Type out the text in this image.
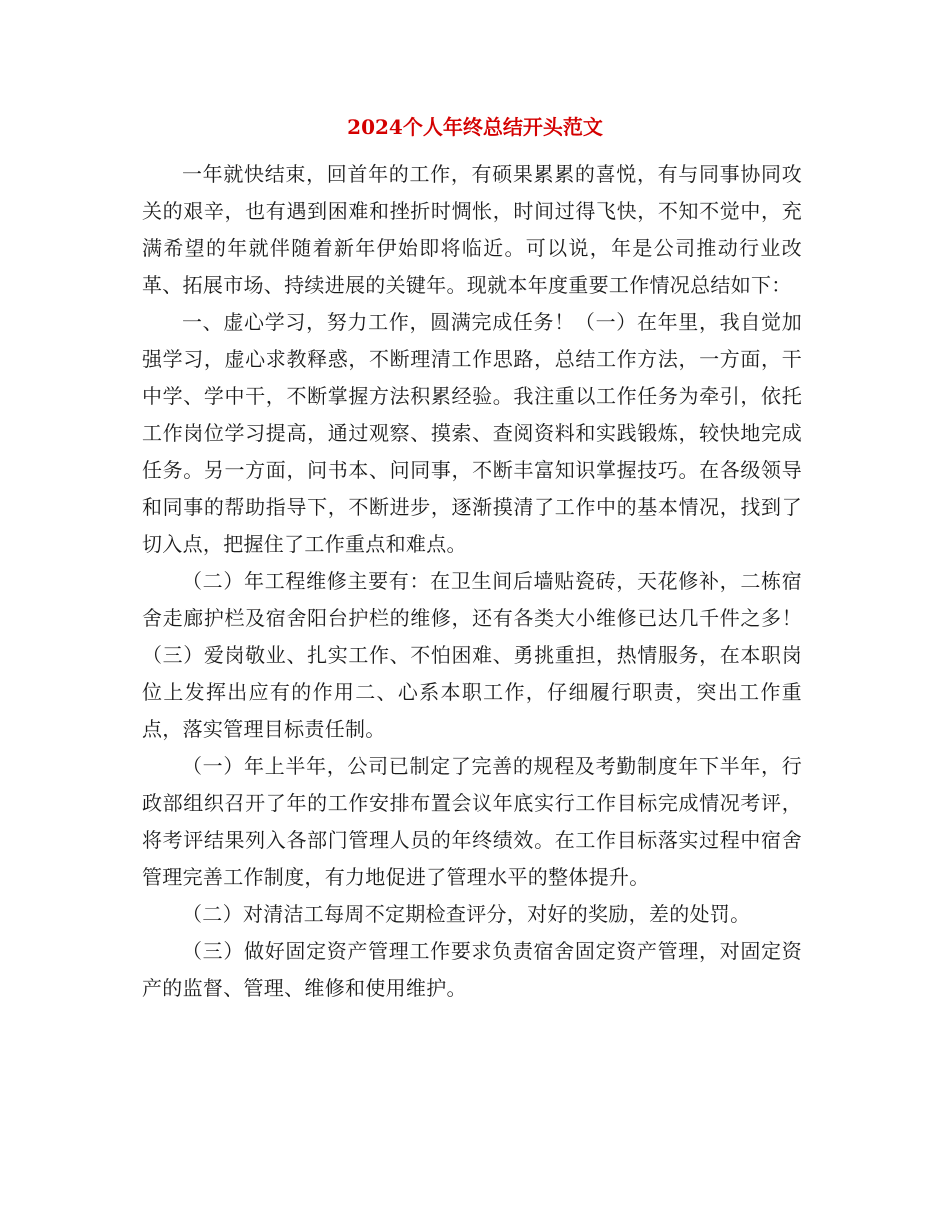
2024个人年终总结开头范文

一年就快结束，回首年的工作，有硕果累累的喜悦，有与同事协同攻关的艰辛，也有遇到困难和挫折时惆怅，时间过得飞快，不知不觉中，充满希望的年就伴随着新年伊始即将临近。可以说，年是公司推动行业改革、拓展市场、持续进展的关键年。现就本年度重要工作情况总结如下：

一、虚心学习，努力工作，圆满完成任务！（一）在年里，我自觉加强学习，虚心求教释惑，不断理清工作思路，总结工作方法，一方面，干中学、学中干，不断掌握方法积累经验。我注重以工作任务为牵引，依托工作岗位学习提高，通过观察、摸索、查阅资料和实践锻炼，较快地完成任务。另一方面，问书本、问同事，不断丰富知识掌握技巧。在各级领导和同事的帮助指导下，不断进步，逐渐摸清了工作中的基本情况，找到了切入点，把握住了工作重点和难点。

（二）年工程维修主要有：在卫生间后墙贴瓷砖，天花修补，二栋宿舍走廊护栏及宿舍阳台护栏的维修，还有各类大小维修已达几千件之多！（三）爱岗敬业、扎实工作、不怕困难、勇挑重担，热情服务，在本职岗位上发挥出应有的作用二、心系本职工作，仔细履行职责，突出工作重点，落实管理目标责任制。

（一）年上半年，公司已制定了完善的规程及考勤制度年下半年，行政部组织召开了年的工作安排布置会议年底实行工作目标完成情况考评，将考评结果列入各部门管理人员的年终绩效。在工作目标落实过程中宿舍管理完善工作制度，有力地促进了管理水平的整体提升。

（二）对清洁工每周不定期检查评分，对好的奖励，差的处罚。

（三）做好固定资产管理工作要求负责宿舍固定资产管理，对固定资产的监督、管理、维修和使用维护。
